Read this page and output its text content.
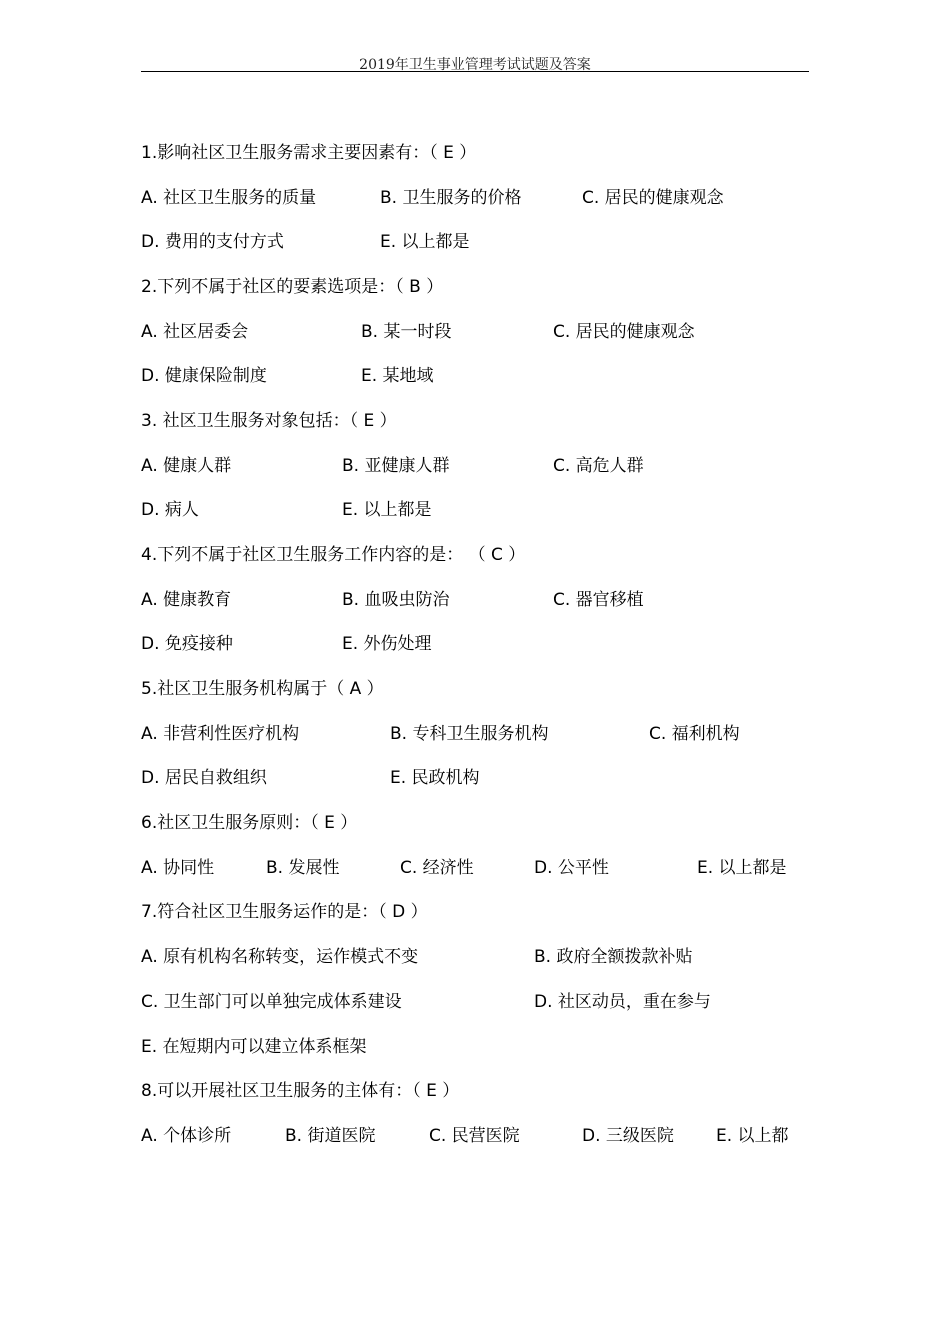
2019年卫生事业管理考试试题及答案
1.影响社区卫生服务需求主要因素有：（ E ）
A. 社区卫生服务的质量	B. 卫生服务的价格	C. 居民的健康观念
D. 费用的支付方式	E. 以上都是
2.下列不属于社区的要素选项是：（ B ）
A. 社区居委会	B. 某一时段	C. 居民的健康观念
D. 健康保险制度	E. 某地域
3. 社区卫生服务对象包括：（ E ）
A. 健康人群	B. 亚健康人群	C. 高危人群
D. 病人	E. 以上都是
4.下列不属于社区卫生服务工作内容的是： （ C ）
A. 健康教育	B. 血吸虫防治	C. 器官移植
D. 免疫接种	E. 外伤处理
5.社区卫生服务机构属于（ A ）
A. 非营利性医疗机构	B. 专科卫生服务机构	C. 福利机构
D. 居民自救组织	E. 民政机构
6.社区卫生服务原则：（ E ）
A. 协同性	B. 发展性	C. 经济性	D. 公平性	E. 以上都是
7.符合社区卫生服务运作的是：（ D ）
A. 原有机构名称转变，运作模式不变	B. 政府全额拨款补贴
C. 卫生部门可以单独完成体系建设	D. 社区动员，重在参与
E. 在短期内可以建立体系框架
8.可以开展社区卫生服务的主体有：（ E ）
A. 个体诊所	B. 街道医院	C. 民营医院	D. 三级医院 E. 以上都
